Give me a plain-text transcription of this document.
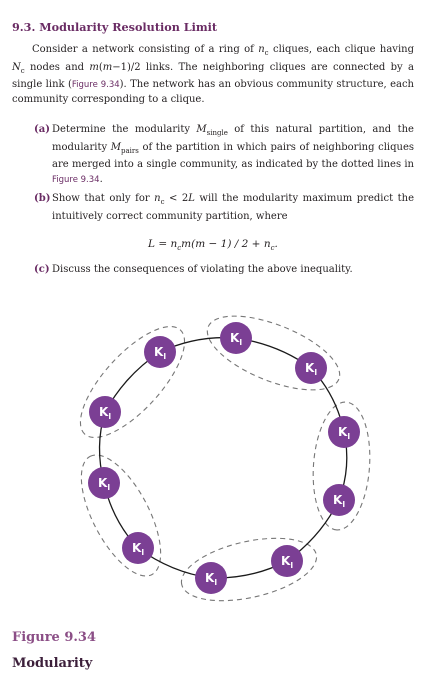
9.3. Modularity Resolution Limit
Consider a network consisting of a ring of $n_c$ cliques, each clique having $N_c$ nodes and m(m−1)/2 links. The neighboring cliques are connected by a single link (Figure 9.34). The network has an obvious community structure, each community corresponding to a clique.
(a) Determine the modularity $M_{single}$ of this natural partition, and the modularity $M_{pairs}$ of the partition in which pairs of neighboring cliques are merged into a single community, as indicated by the dotted lines in Figure 9.34.
(b) Show that only for $n_c < 2L$ will the modularity maximum predict the intuitively correct community partition, where
$L = n_cm(m - 1) / 2 + n_c$.
(c) Discuss the consequences of violating the above inequality.
$K_l$
$K_l$
$K_l$
$K_l$
$K_l$
$K_l$
$K_l$
$K_l$
$K_l$
$K_l$
Figure 9.34
Modularity
